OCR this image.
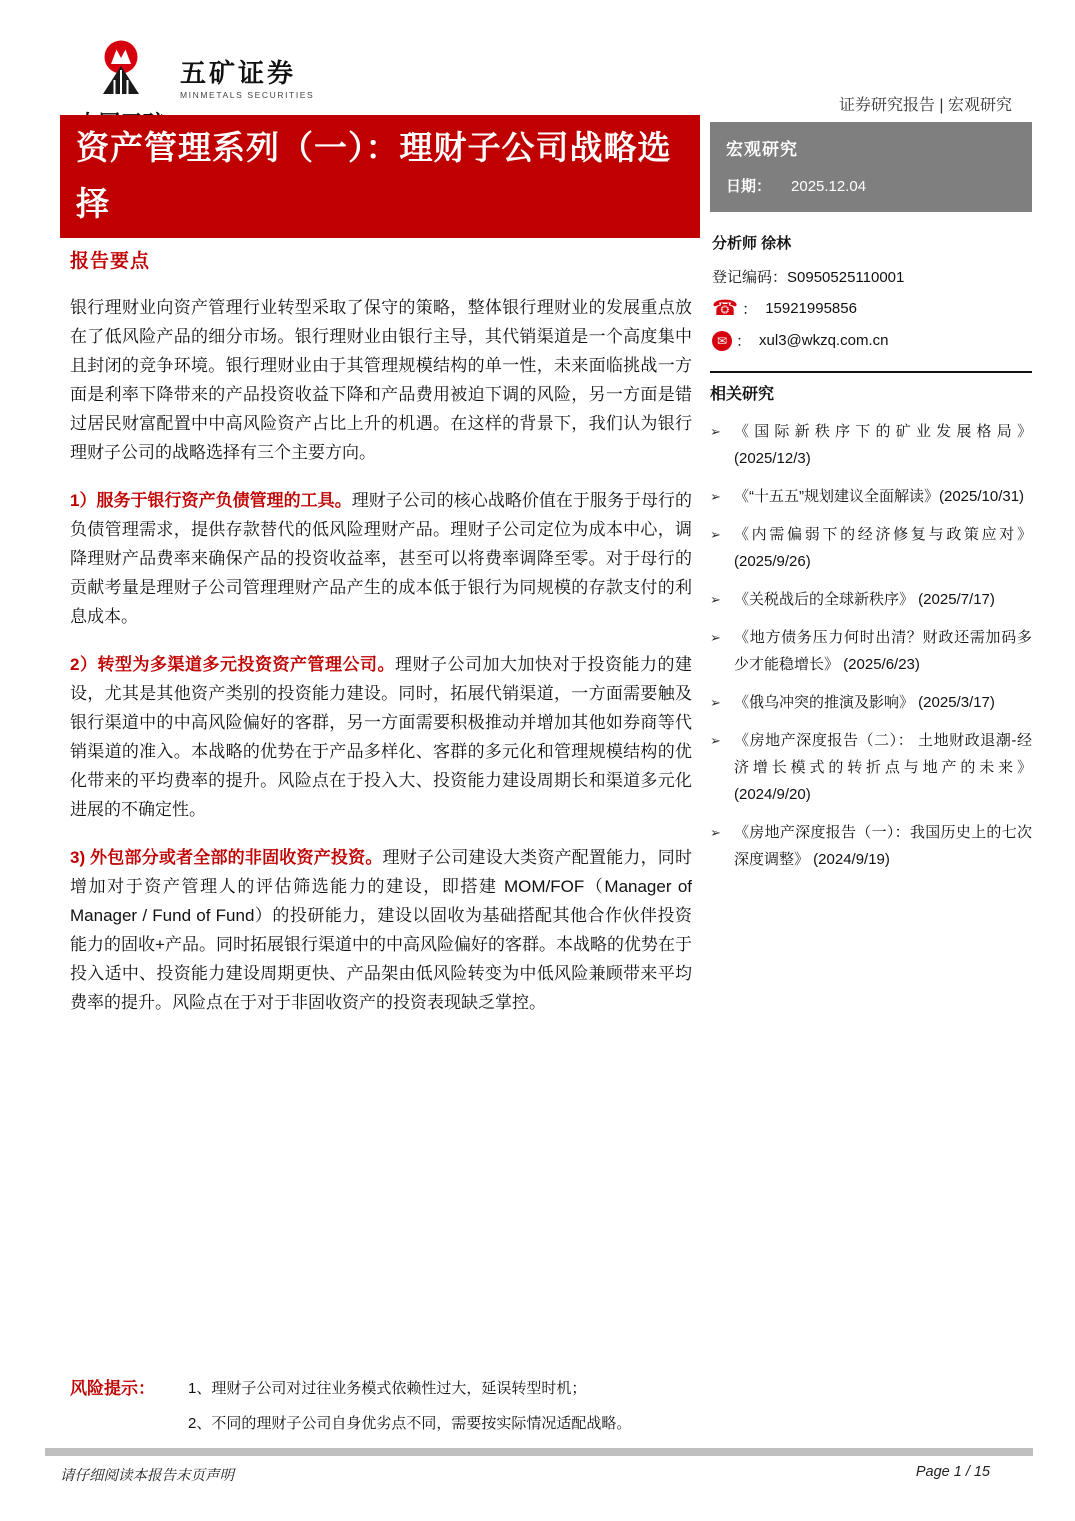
五矿证券
MINMETALS SECURITIES
证券研究报告 | 宏观研究
资产管理系列（一）：理财子公司战略选择
宏观研究
日期： 2025.12.04
分析师 徐林
登记编码：S0950525110001
☎ ： 15921995856
✉ ： xul3@wkzq.com.cn
相关研究
➢ 《国际新秩序下的矿业发展格局》 (2025/12/3)
➢ 《“十五五”规划建议全面解读》(2025/10/31)
➢ 《内需偏弱下的经济修复与政策应对》 (2025/9/26)
➢ 《关税战后的全球新秩序》 (2025/7/17)
➢ 《地方债务压力何时出清？财政还需加码多少才能稳增长》 (2025/6/23)
➢ 《俄乌冲突的推演及影响》 (2025/3/17)
➢ 《房地产深度报告（二）： 土地财政退潮-经济增长模式的转折点与地产的未来》 (2024/9/20)
➢ 《房地产深度报告（一）：我国历史上的七次深度调整》 (2024/9/19)
报告要点

银行理财业向资产管理行业转型采取了保守的策略，整体银行理财业的发展重点放在了低风险产品的细分市场。银行理财业由银行主导，其代销渠道是一个高度集中且封闭的竞争环境。银行理财业由于其管理规模结构的单一性，未来面临挑战一方面是利率下降带来的产品投资收益下降和产品费用被迫下调的风险，另一方面是错过居民财富配置中中高风险资产占比上升的机遇。在这样的背景下，我们认为银行理财子公司的战略选择有三个主要方向。

1）服务于银行资产负债管理的工具。理财子公司的核心战略价值在于服务于母行的负债管理需求，提供存款替代的低风险理财产品。理财子公司定位为成本中心，调降理财产品费率来确保产品的投资收益率，甚至可以将费率调降至零。对于母行的贡献考量是理财子公司管理理财产品产生的成本低于银行为同规模的存款支付的利息成本。

2）转型为多渠道多元投资资产管理公司。理财子公司加大加快对于投资能力的建设，尤其是其他资产类别的投资能力建设。同时，拓展代销渠道，一方面需要触及银行渠道中的中高风险偏好的客群，另一方面需要积极推动并增加其他如券商等代销渠道的准入。本战略的优势在于产品多样化、客群的多元化和管理规模结构的优化带来的平均费率的提升。风险点在于投入大、投资能力建设周期长和渠道多元化进展的不确定性。

3) 外包部分或者全部的非固收资产投资。理财子公司建设大类资产配置能力，同时增加对于资产管理人的评估筛选能力的建设，即搭建 MOM/FOF（Manager of Manager / Fund of Fund）的投研能力，建设以固收为基础搭配其他合作伙伴投资能力的固收+产品。同时拓展银行渠道中的中高风险偏好的客群。本战略的优势在于投入适中、投资能力建设周期更快、产品架由低风险转变为中低风险兼顾带来平均费率的提升。风险点在于对于非固收资产的投资表现缺乏掌控。

风险提示：	1、理财子公司对过往业务模式依赖性过大，延误转型时机；
2、不同的理财子公司自身优劣点不同，需要按实际情况适配战略。
请仔细阅读本报告末页声明	Page 1 / 15
